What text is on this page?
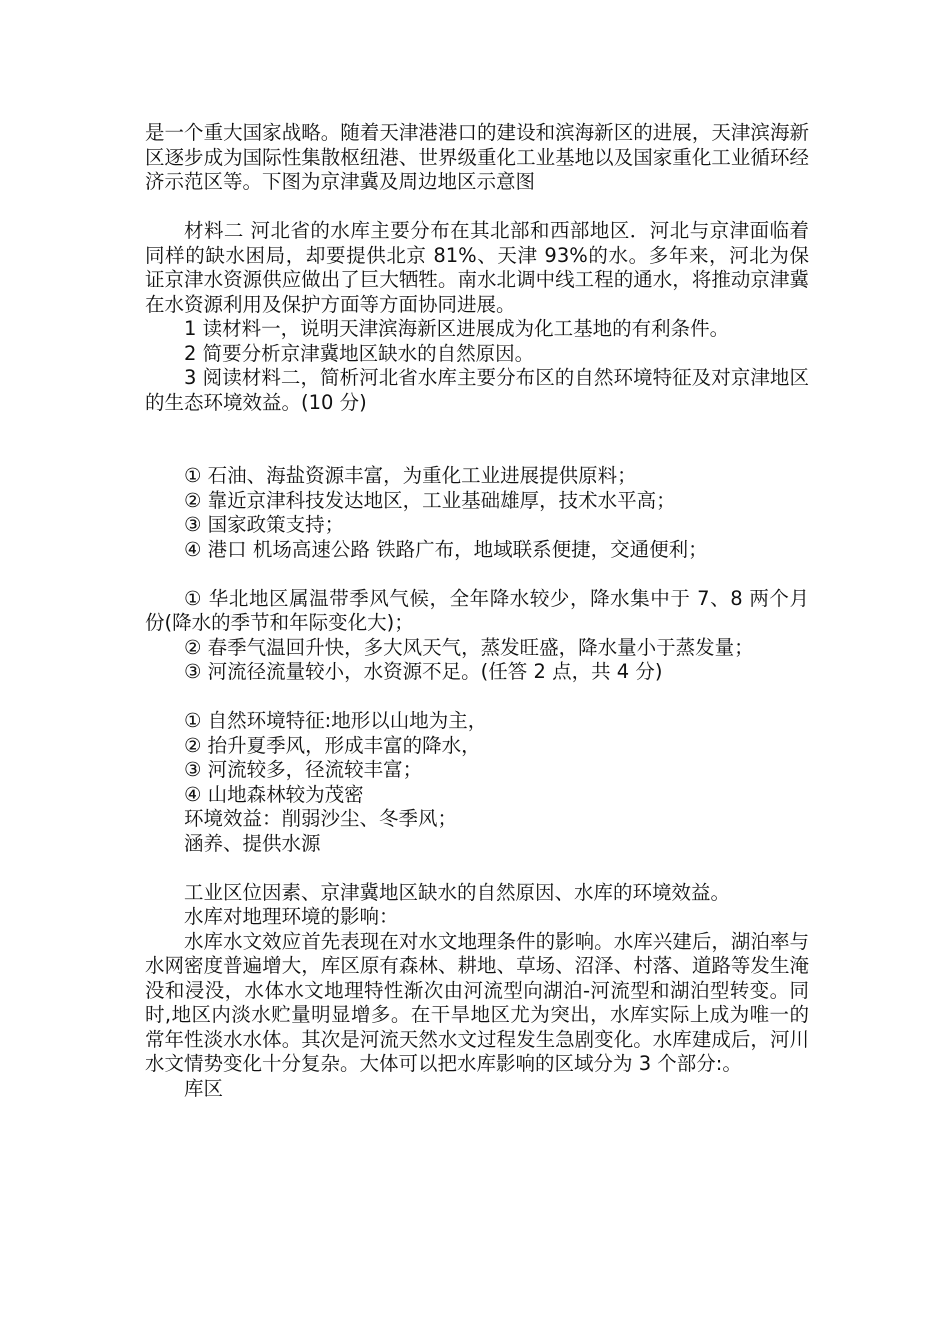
是一个重大国家战略。随着天津港港口的建设和滨海新区的进展，天津滨海新区逐步成为国际性集散枢纽港、世界级重化工业基地以及国家重化工业循环经济示范区等。下图为京津冀及周边地区示意图

材料二 河北省的水库主要分布在其北部和西部地区．河北与京津面临着同样的缺水困局，却要提供北京 81%、天津 93%的水。多年来，河北为保证京津水资源供应做出了巨大牺牲。南水北调中线工程的通水，将推动京津冀在水资源利用及保护方面等方面协同进展。

1 读材料一，说明天津滨海新区进展成为化工基地的有利条件。

2 简要分析京津冀地区缺水的自然原因。

3 阅读材料二，简析河北省水库主要分布区的自然环境特征及对京津地区的生态环境效益。(10 分)

① 石油、海盐资源丰富，为重化工业进展提供原料；

② 靠近京津科技发达地区，工业基础雄厚，技术水平高；

③ 国家政策支持；

④ 港口 机场高速公路 铁路广布，地域联系便捷，交通便利；

① 华北地区属温带季风气候，全年降水较少，降水集中于 7、8 两个月份(降水的季节和年际变化大)；

② 春季气温回升快，多大风天气，蒸发旺盛，降水量小于蒸发量；

③ 河流径流量较小，水资源不足。(任答 2 点，共 4 分)

① 自然环境特征:地形以山地为主，

② 抬升夏季风，形成丰富的降水，

③ 河流较多，径流较丰富；

④ 山地森林较为茂密

环境效益：削弱沙尘、冬季风；

涵养、提供水源

工业区位因素、京津冀地区缺水的自然原因、水库的环境效益。

水库对地理环境的影响：

水库水文效应首先表现在对水文地理条件的影响。水库兴建后，湖泊率与水网密度普遍增大，库区原有森林、耕地、草场、沼泽、村落、道路等发生淹没和浸没，水体水文地理特性渐次由河流型向湖泊-河流型和湖泊型转变。同时,地区内淡水贮量明显增多。在干旱地区尤为突出，水库实际上成为唯一的常年性淡水水体。其次是河流天然水文过程发生急剧变化。水库建成后，河川水文情势变化十分复杂。大体可以把水库影响的区域分为 3 个部分:。

库区
